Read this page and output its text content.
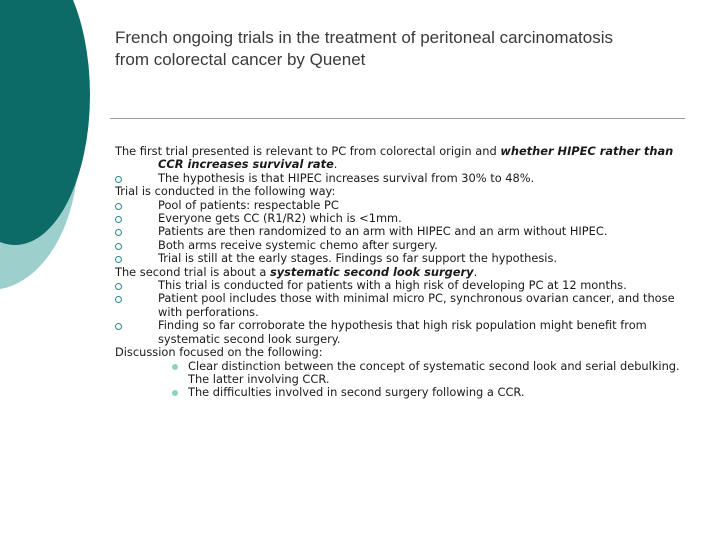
French ongoing trials in the treatment of peritoneal carcinomatosis
from colorectal cancer by Quenet
The first trial presented is relevant to PC from colorectal origin and whether HIPEC rather than CCR increases survival rate.
The hypothesis is that HIPEC increases survival from 30% to 48%.
Trial is conducted in the following way:
Pool of patients: respectable PC
Everyone gets CC (R1/R2) which is <1mm.
Patients are then randomized to an arm with HIPEC and an arm without HIPEC.
Both arms receive systemic chemo after surgery.
Trial is still at the early stages. Findings so far support the hypothesis.
The second trial is about a systematic second look surgery.
This trial is conducted for patients with a high risk of developing PC at 12 months.
Patient pool includes those with minimal micro PC, synchronous ovarian cancer, and those with perforations.
Finding so far corroborate the hypothesis that high risk population might benefit from systematic second look surgery.
Discussion focused on the following:
Clear distinction between the concept of systematic second look and serial debulking. The latter involving CCR.
The difficulties involved in second surgery following a CCR.
